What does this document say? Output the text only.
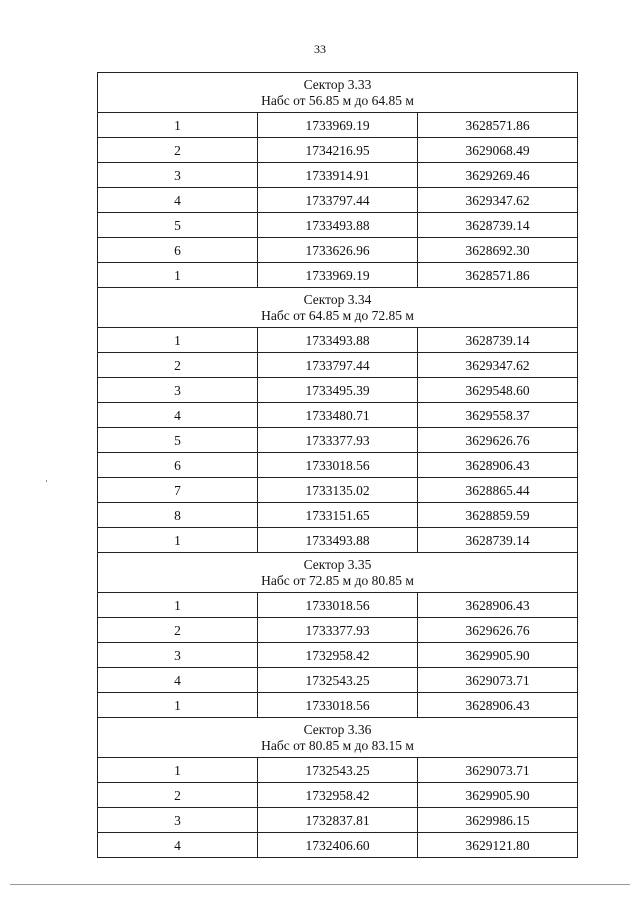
33
Сектор 3.33
Набс от 56.85 м до 64.85 м		

1	1733969.19	3628571.86
2	1734216.95	3629068.49
3	1733914.91	3629269.46
4	1733797.44	3629347.62
5	1733493.88	3628739.14
6	1733626.96	3628692.30
1	1733969.19	3628571.86

Сектор 3.34
Набс от 64.85 м до 72.85 м		

1	1733493.88	3628739.14
2	1733797.44	3629347.62
3	1733495.39	3629548.60
4	1733480.71	3629558.37
5	1733377.93	3629626.76
6	1733018.56	3628906.43
7	1733135.02	3628865.44
8	1733151.65	3628859.59
1	1733493.88	3628739.14

Сектор 3.35
Набс от 72.85 м до 80.85 м		

1	1733018.56	3628906.43
2	1733377.93	3629626.76
3	1732958.42	3629905.90
4	1732543.25	3629073.71
1	1733018.56	3628906.43

Сектор 3.36
Набс от 80.85 м до 83.15 м		

1	1732543.25	3629073.71
2	1732958.42	3629905.90
3	1732837.81	3629986.15
4	1732406.60	3629121.80
